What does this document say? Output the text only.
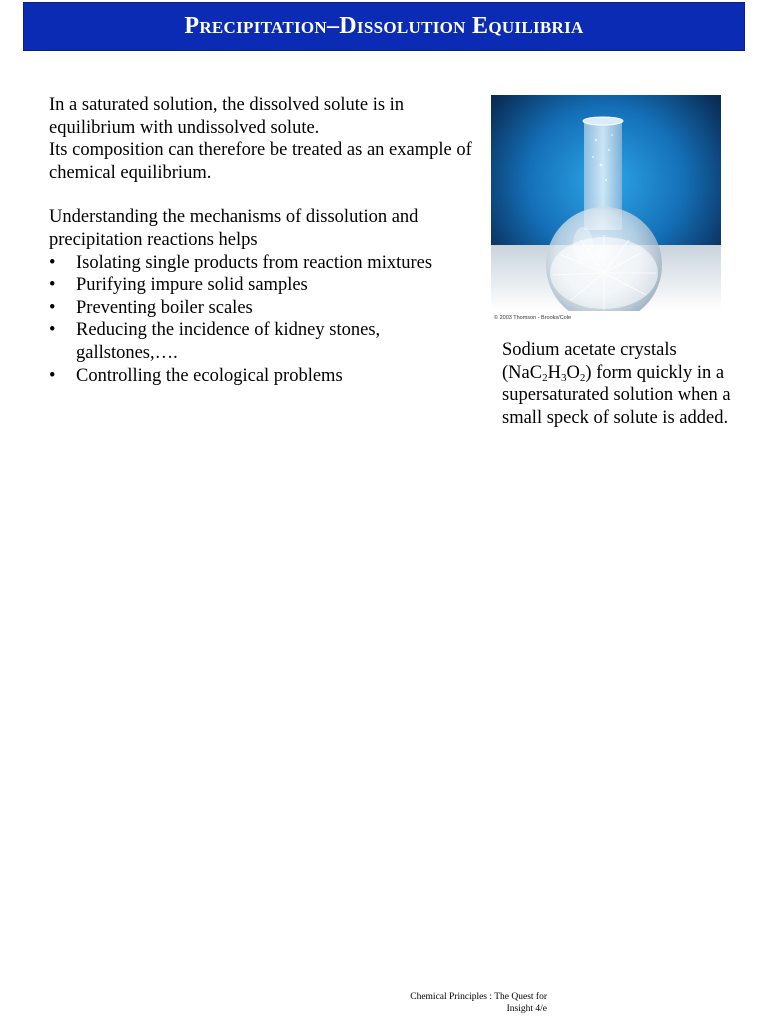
Precipitation–Dissolution Equilibria

In a saturated solution, the dissolved solute is in equilibrium with undissolved solute.

Its composition can therefore be treated as an example of chemical equilibrium.

Understanding the mechanisms of dissolution and precipitation reactions helps

• Isolating single products from reaction mixtures
• Purifying impure solid samples
• Preventing boiler scales
• Reducing the incidence of kidney stones, gallstones,….
• Controlling the ecological problems
© 2003 Thomson - Brooks/Cole
Sodium acetate crystals $(NaC_2H_3O_2)$ form quickly in a supersaturated solution when a small speck of solute is added.
Chemical Principles : The Quest for Insight 4/e
